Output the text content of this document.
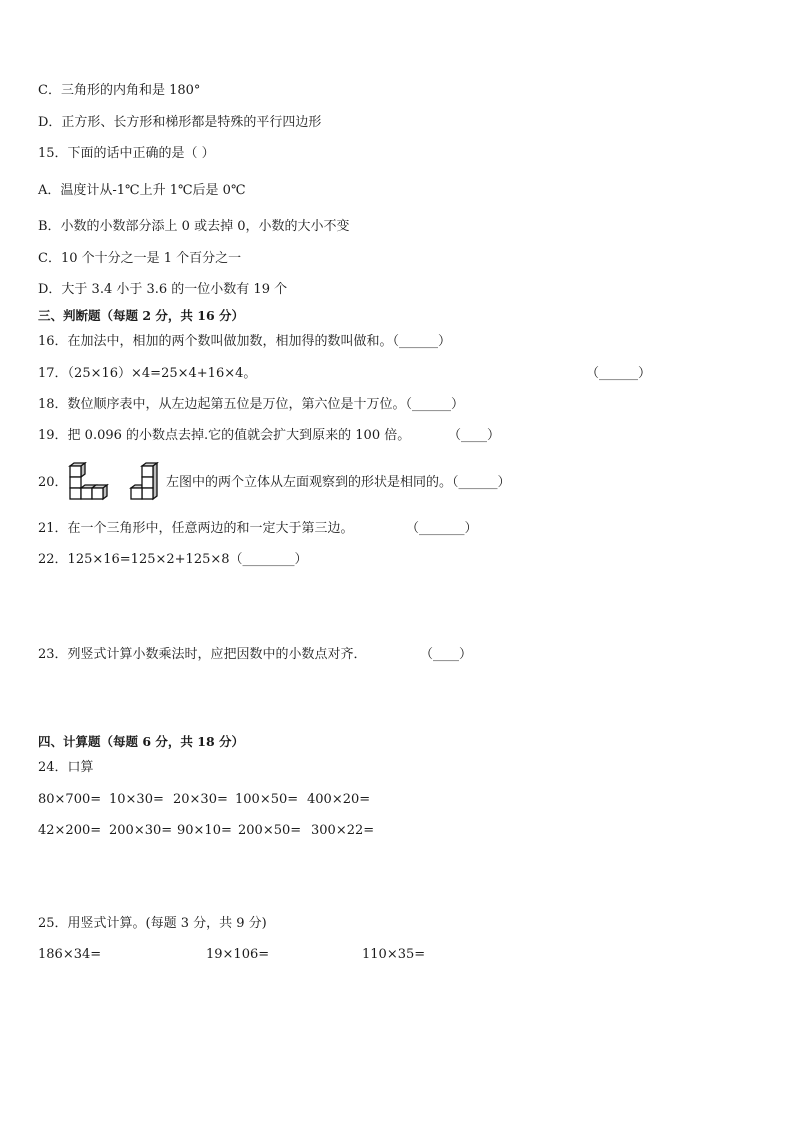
C．三角形的内角和是 180°
D．正方形、长方形和梯形都是特殊的平行四边形
15．下面的话中正确的是（ ）
A．温度计从-1℃上升 1℃后是 0℃
B．小数的小数部分添上 0 或去掉 0，小数的大小不变
C．10 个十分之一是 1 个百分之一
D．大于 3.4 小于 3.6 的一位小数有 19 个
三、判断题（每题 2 分，共 16 分）
16．在加法中，相加的两个数叫做加数，相加得的数叫做和。（______）
17．（25×16）×4=25×4+16×4。	（______）
18．数位顺序表中，从左边起第五位是万位，第六位是十万位。（______）
19．把 0.096 的小数点去掉.它的值就会扩大到原来的 100 倍。	（____）
20．	左图中的两个立体从左面观察到的形状是相同的。（______）
21．在一个三角形中，任意两边的和一定大于第三边。	（_______）
22．125×16=125×2+125×8（________）
23．列竖式计算小数乘法时，应把因数中的小数点对齐．	（____）
四、计算题（每题 6 分，共 18 分）
24．口算
80×700= 10×30= 20×30= 100×50= 400×20=
42×200= 200×30= 90×10= 200×50= 300×22=
25．用竖式计算。(每题 3 分，共 9 分)
186×34=	19×106=	110×35=
